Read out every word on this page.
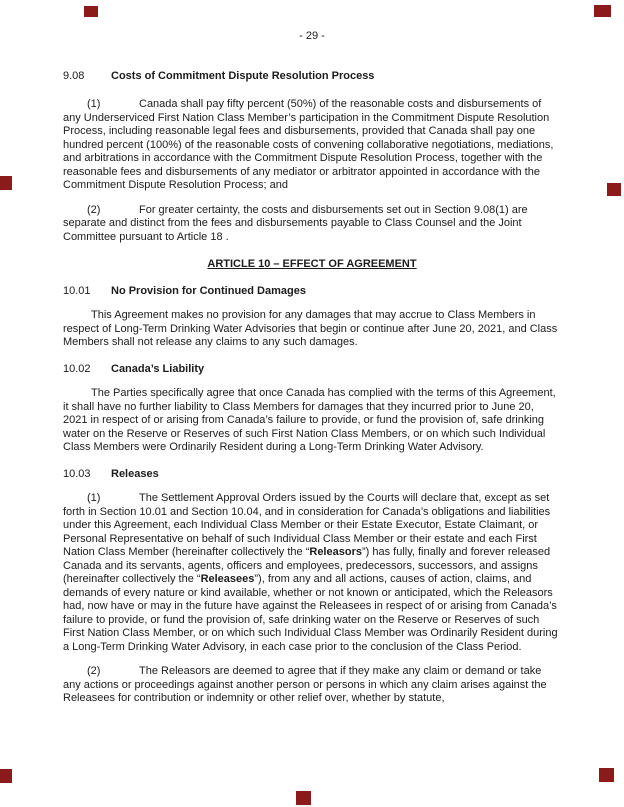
- 29 -
9.08 Costs of Commitment Dispute Resolution Process

(1)	Canada shall pay fifty percent (50%) of the reasonable costs and disbursements of any Underserviced First Nation Class Member’s participation in the Commitment Dispute Resolution Process, including reasonable legal fees and disbursements, provided that Canada shall pay one hundred percent (100%) of the reasonable costs of convening collaborative negotiations, mediations, and arbitrations in accordance with the Commitment Dispute Resolution Process, together with the reasonable fees and disbursements of any mediator or arbitrator appointed in accordance with the Commitment Dispute Resolution Process; and

(2)	For greater certainty, the costs and disbursements set out in Section 9.08(1) are separate and distinct from the fees and disbursements payable to Class Counsel and the Joint Committee pursuant to Article 18 .

ARTICLE 10 – EFFECT OF AGREEMENT
10.01 No Provision for Continued Damages

This Agreement makes no provision for any damages that may accrue to Class Members in respect of Long-Term Drinking Water Advisories that begin or continue after June 20, 2021, and Class Members shall not release any claims to any such damages.

10.02 Canada’s Liability

The Parties specifically agree that once Canada has complied with the terms of this Agreement, it shall have no further liability to Class Members for damages that they incurred prior to June 20, 2021 in respect of or arising from Canada’s failure to provide, or fund the provision of, safe drinking water on the Reserve or Reserves of such First Nation Class Members, or on which such Individual Class Members were Ordinarily Resident during a Long-Term Drinking Water Advisory.

10.03 Releases

(1)	The Settlement Approval Orders issued by the Courts will declare that, except as set forth in Section 10.01 and Section 10.04, and in consideration for Canada’s obligations and liabilities under this Agreement, each Individual Class Member or their Estate Executor, Estate Claimant, or Personal Representative on behalf of such Individual Class Member or their estate and each First Nation Class Member (hereinafter collectively the “Releasors”) has fully, finally and forever released Canada and its servants, agents, officers and employees, predecessors, successors, and assigns (hereinafter collectively the “Releasees”), from any and all actions, causes of action, claims, and demands of every nature or kind available, whether or not known or anticipated, which the Releasors had, now have or may in the future have against the Releasees in respect of or arising from Canada’s failure to provide, or fund the provision of, safe drinking water on the Reserve or Reserves of such First Nation Class Member, or on which such Individual Class Member was Ordinarily Resident during a Long-Term Drinking Water Advisory, in each case prior to the conclusion of the Class Period.

(2)	The Releasors are deemed to agree that if they make any claim or demand or take any actions or proceedings against another person or persons in which any claim arises against the Releasees for contribution or indemnity or other relief over, whether by statute,
